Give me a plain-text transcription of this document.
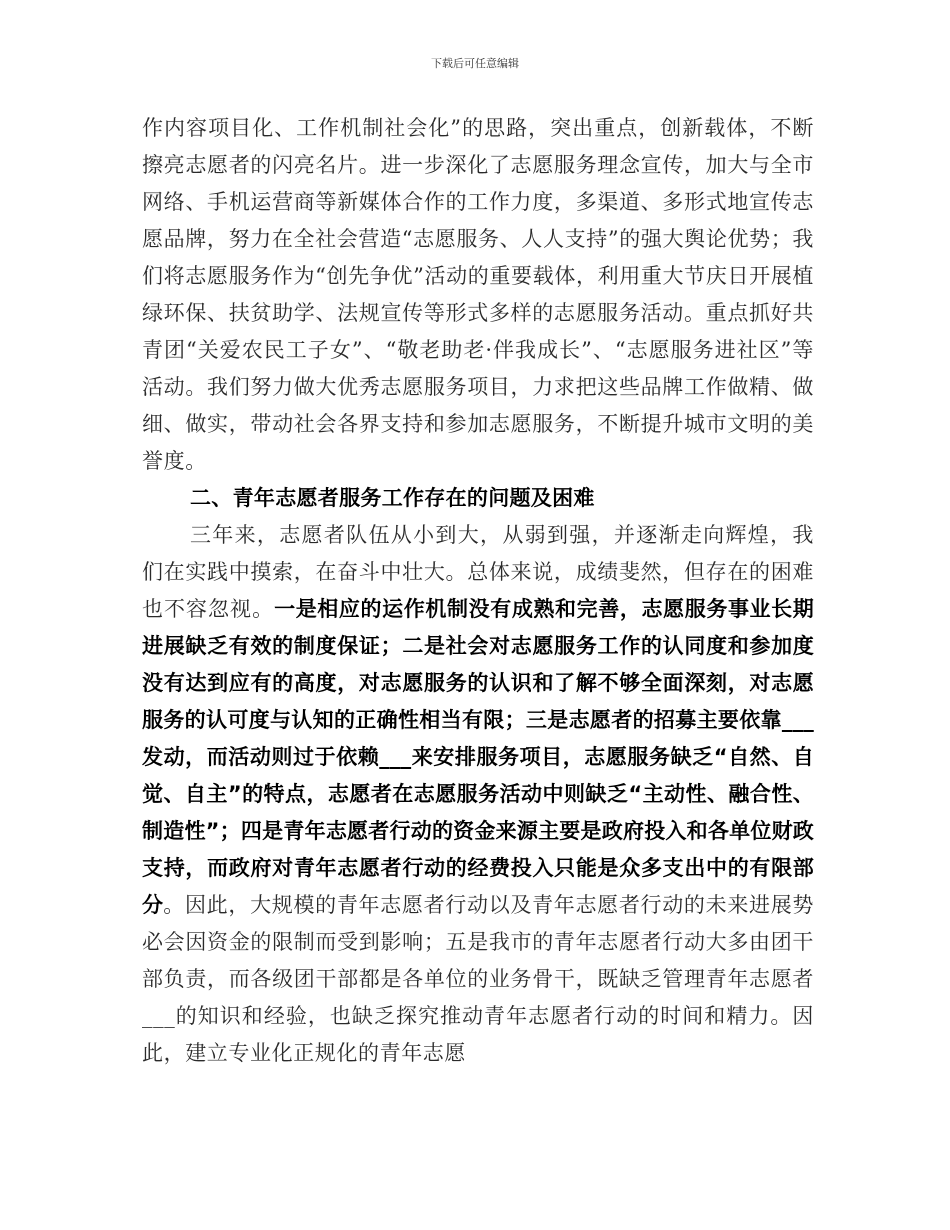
下载后可任意编辑

作内容项目化、工作机制社会化”的思路，突出重点，创新载体，不断擦亮志愿者的闪亮名片。进一步深化了志愿服务理念宣传，加大与全市网络、手机运营商等新媒体合作的工作力度，多渠道、多形式地宣传志愿品牌，努力在全社会营造“志愿服务、人人支持”的强大舆论优势；我们将志愿服务作为“创先争优”活动的重要载体，利用重大节庆日开展植绿环保、扶贫助学、法规宣传等形式多样的志愿服务活动。重点抓好共青团“关爱农民工子女”、“敬老助老·伴我成长”、“志愿服务进社区”等活动。我们努力做大优秀志愿服务项目，力求把这些品牌工作做精、做细、做实，带动社会各界支持和参加志愿服务，不断提升城市文明的美誉度。

二、青年志愿者服务工作存在的问题及困难

三年来，志愿者队伍从小到大，从弱到强，并逐渐走向辉煌，我们在实践中摸索，在奋斗中壮大。总体来说，成绩斐然，但存在的困难也不容忽视。一是相应的运作机制没有成熟和完善，志愿服务事业长期进展缺乏有效的制度保证；二是社会对志愿服务工作的认同度和参加度没有达到应有的高度，对志愿服务的认识和了解不够全面深刻，对志愿服务的认可度与认知的正确性相当有限；三是志愿者的招募主要依靠___发动，而活动则过于依赖___来安排服务项目，志愿服务缺乏“自然、自觉、自主”的特点，志愿者在志愿服务活动中则缺乏“主动性、融合性、制造性”；四是青年志愿者行动的资金来源主要是政府投入和各单位财政支持，而政府对青年志愿者行动的经费投入只能是众多支出中的有限部分。因此，大规模的青年志愿者行动以及青年志愿者行动的未来进展势必会因资金的限制而受到影响；五是我市的青年志愿者行动大多由团干部负责，而各级团干部都是各单位的业务骨干，既缺乏管理青年志愿者___的知识和经验，也缺乏探究推动青年志愿者行动的时间和精力。因此，建立专业化正规化的青年志愿
